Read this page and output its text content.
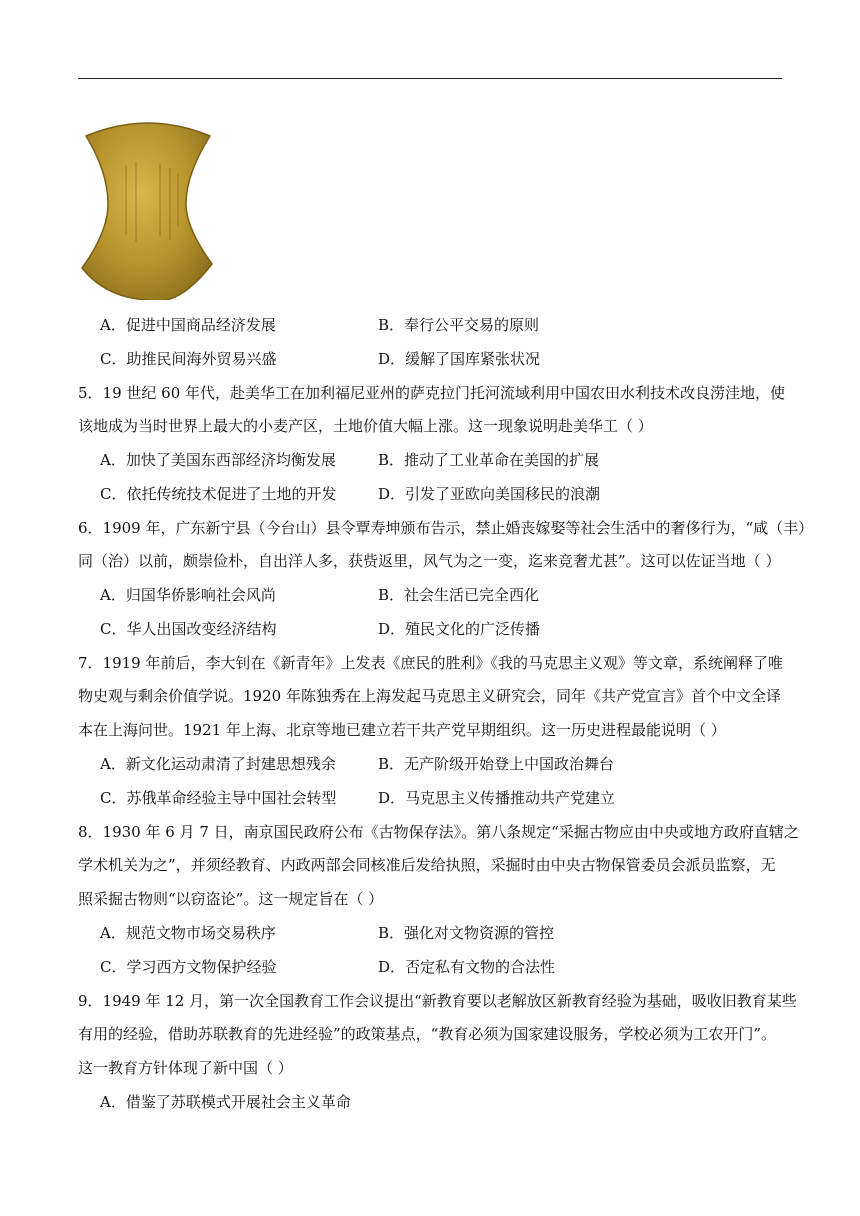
A．促进中国商品经济发展	B．奉行公平交易的原则
C．助推民间海外贸易兴盛	D．缓解了国库紧张状况
5．19 世纪 60 年代，赴美华工在加利福尼亚州的萨克拉门托河流域利用中国农田水利技术改良涝洼地，使
该地成为当时世界上最大的小麦产区，土地价值大幅上涨。这一现象说明赴美华工（ ）
A．加快了美国东西部经济均衡发展	B．推动了工业革命在美国的扩展
C．依托传统技术促进了土地的开发	D．引发了亚欧向美国移民的浪潮
6．1909 年，广东新宁县（今台山）县令覃寿坤颁布告示，禁止婚丧嫁娶等社会生活中的奢侈行为，“咸（丰）
同（治）以前，颇崇俭朴，自出洋人多，获赀返里，风气为之一变，迄来竞奢尤甚”。这可以佐证当地（ ）
A．归国华侨影响社会风尚	B．社会生活已完全西化
C．华人出国改变经济结构	D．殖民文化的广泛传播
7．1919 年前后，李大钊在《新青年》上发表《庶民的胜利》《我的马克思主义观》等文章，系统阐释了唯
物史观与剩余价值学说。1920 年陈独秀在上海发起马克思主义研究会，同年《共产党宣言》首个中文全译
本在上海问世。1921 年上海、北京等地已建立若干共产党早期组织。这一历史进程最能说明（ ）
A．新文化运动肃清了封建思想残余	B．无产阶级开始登上中国政治舞台
C．苏俄革命经验主导中国社会转型	D．马克思主义传播推动共产党建立
8．1930 年 6 月 7 日，南京国民政府公布《古物保存法》。第八条规定“采掘古物应由中央或地方政府直辖之
学术机关为之”，并须经教育、内政两部会同核准后发给执照，采掘时由中央古物保管委员会派员监察，无
照采掘古物则“以窃盗论”。这一规定旨在（ ）
A．规范文物市场交易秩序	B．强化对文物资源的管控
C．学习西方文物保护经验	D．否定私有文物的合法性
9．1949 年 12 月，第一次全国教育工作会议提出“新教育要以老解放区新教育经验为基础，吸收旧教育某些
有用的经验，借助苏联教育的先进经验”的政策基点，“教育必须为国家建设服务，学校必须为工农开门”。
这一教育方针体现了新中国（ ）
A．借鉴了苏联模式开展社会主义革命
